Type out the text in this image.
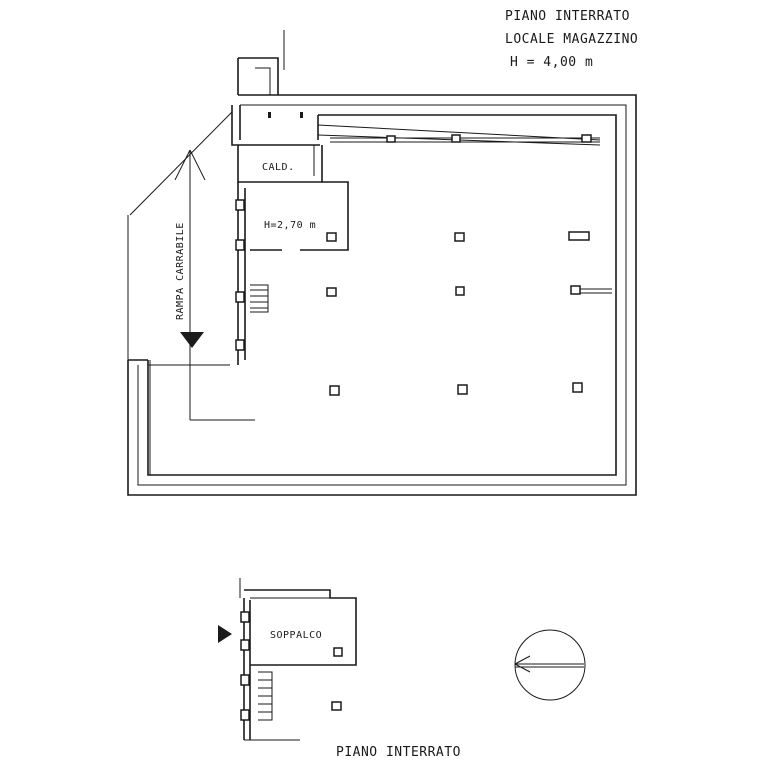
PIANO INTERRATO
LOCALE MAGAZZINO
H = 4,00 m
CALD.
H=2,70 m
RAMPA CARRABILE
SOPPALCO
PIANO INTERRATO
